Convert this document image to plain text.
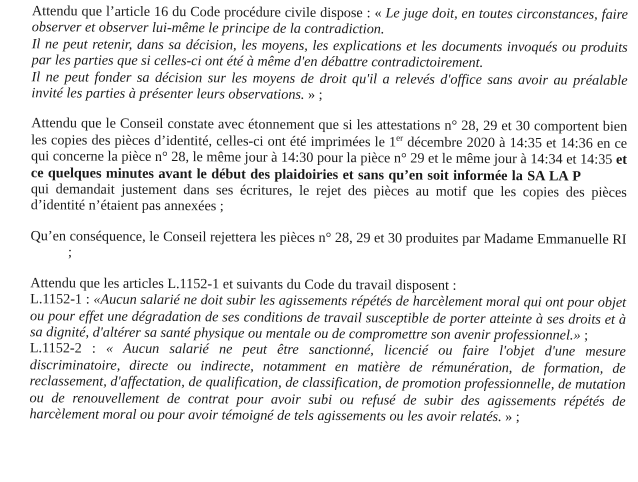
Attendu que l’article 16 du Code procédure civile dispose : « Le juge doit, en toutes circonstances, faire observer et observer lui-même le principe de la contradiction.
Il ne peut retenir, dans sa décision, les moyens, les explications et les documents invoqués ou produits par les parties que si celles-ci ont été à même d'en débattre contradictoirement.
Il ne peut fonder sa décision sur les moyens de droit qu'il a relevés d'office sans avoir au préalable invité les parties à présenter leurs observations. » ;

Attendu que le Conseil constate avec étonnement que si les attestations n° 28, 29 et 30 comportent bien les copies des pièces d’identité, celles-ci ont été imprimées le 1er décembre 2020 à 14:35 et 14:36 en ce qui concerne la pièce n° 28, le même jour à 14:30 pour la pièce n° 29 et le même jour à 14:34 et 14:35 et ce quelques minutes avant le début des plaidoiries et sans qu’en soit informée la SA LA P qui demandait justement dans ses écritures, le rejet des pièces au motif que les copies des pièces d’identité n’étaient pas annexées ;

Qu’en conséquence, le Conseil rejettera les pièces n° 28, 29 et 30 produites par Madame Emmanuelle RI ;

Attendu que les articles L.1152-1 et suivants du Code du travail disposent :
L.1152-1 : «Aucun salarié ne doit subir les agissements répétés de harcèlement moral qui ont pour objet ou pour effet une dégradation de ses conditions de travail susceptible de porter atteinte à ses droits et à sa dignité, d'altérer sa santé physique ou mentale ou de compromettre son avenir professionnel.» ;
L.1152-2 : « Aucun salarié ne peut être sanctionné, licencié ou faire l'objet d'une mesure discriminatoire, directe ou indirecte, notamment en matière de rémunération, de formation, de reclassement, d'affectation, de qualification, de classification, de promotion professionnelle, de mutation ou de renouvellement de contrat pour avoir subi ou refusé de subir des agissements répétés de harcèlement moral ou pour avoir témoigné de tels agissements ou les avoir relatés. » ;
